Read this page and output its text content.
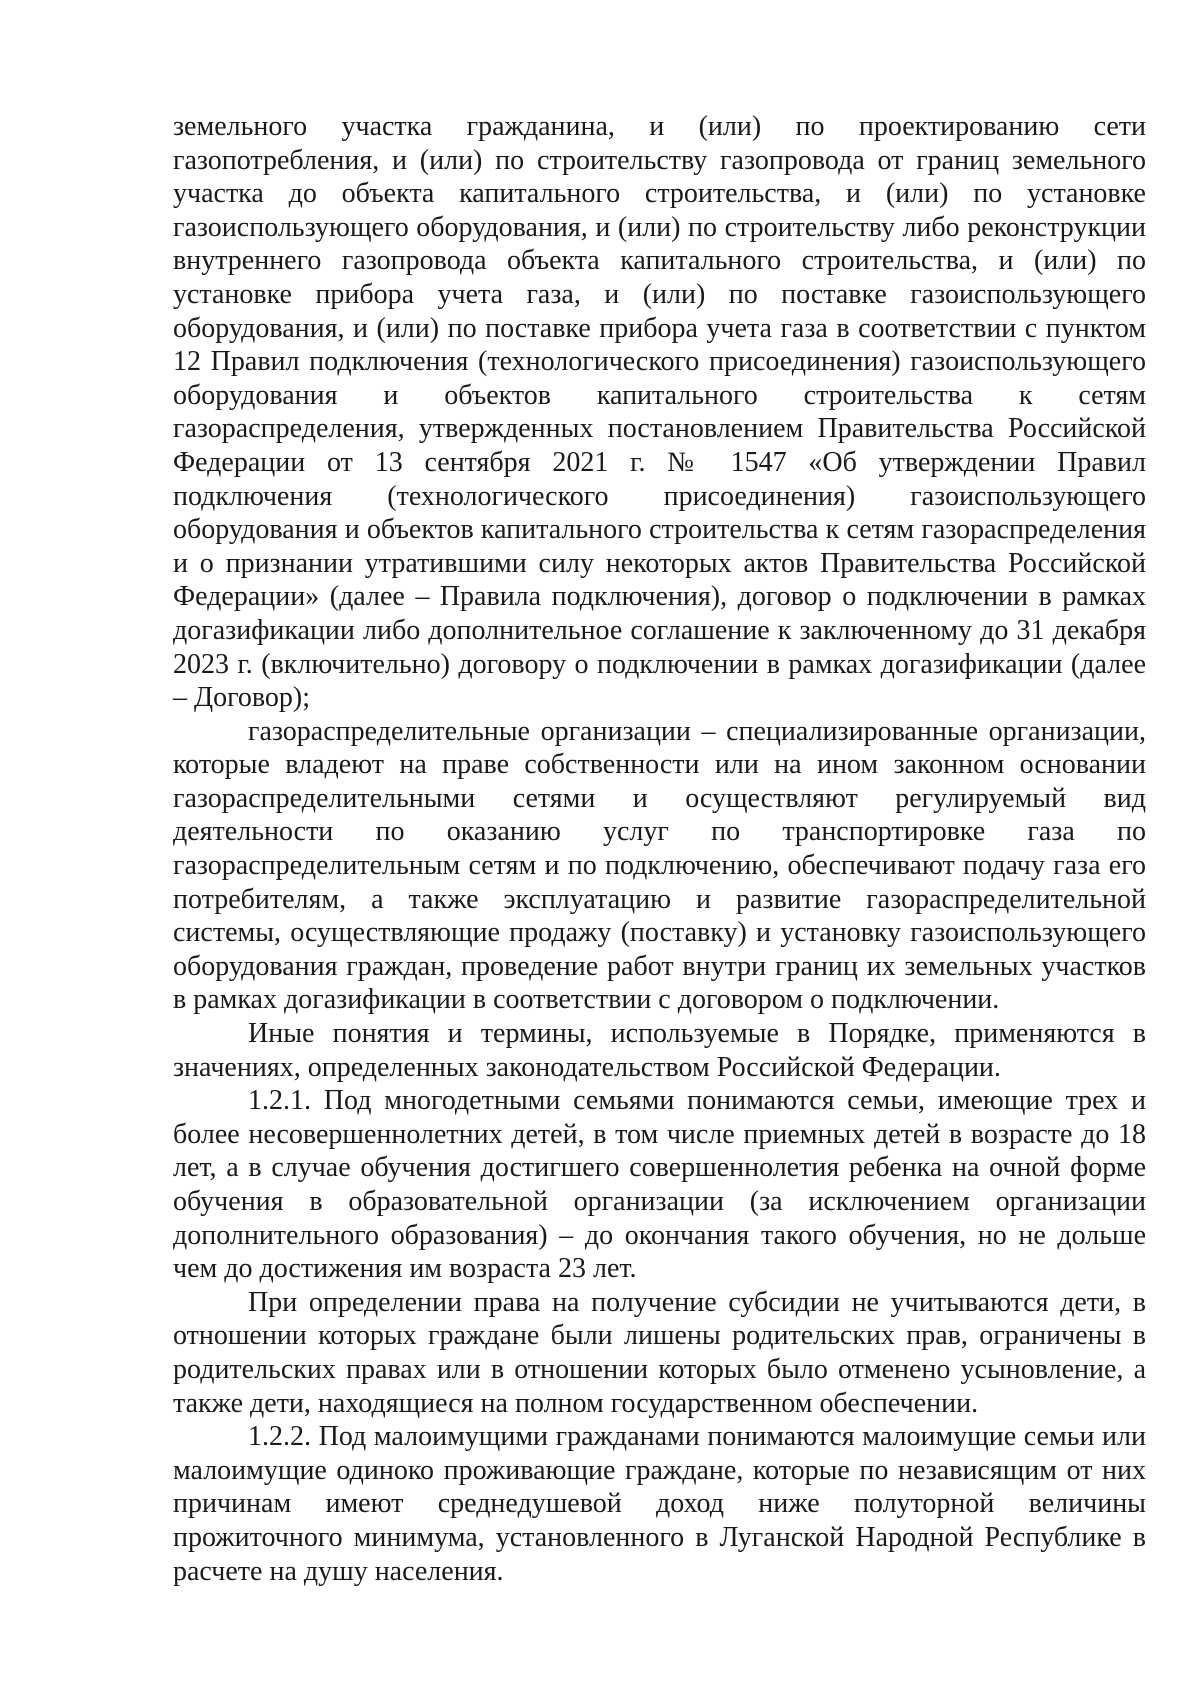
земельного участка гражданина, и (или) по проектированию сети газопотребления, и (или) по строительству газопровода от границ земельного участка до объекта капитального строительства, и (или) по установке газоиспользующего оборудования, и (или) по строительству либо реконструкции внутреннего газопровода объекта капитального строительства, и (или) по установке прибора учета газа, и (или) по поставке газоиспользующего оборудования, и (или) по поставке прибора учета газа в соответствии с пунктом 12 Правил подключения (технологического присоединения) газоиспользующего оборудования и объектов капитального строительства к сетям газораспределения, утвержденных постановлением Правительства Российской Федерации от 13 сентября 2021 г. № 1547 «Об утверждении Правил подключения (технологического присоединения) газоиспользующего оборудования и объектов капитального строительства к сетям газораспределения и о признании утратившими силу некоторых актов Правительства Российской Федерации» (далее – Правила подключения), договор о подключении в рамках догазификации либо дополнительное соглашение к заключенному до 31 декабря 2023 г. (включительно) договору о подключении в рамках догазификации (далее – Договор);

газораспределительные организации – специализированные организации, которые владеют на праве собственности или на ином законном основании газораспределительными сетями и осуществляют регулируемый вид деятельности по оказанию услуг по транспортировке газа по газораспределительным сетям и по подключению, обеспечивают подачу газа его потребителям, а также эксплуатацию и развитие газораспределительной системы, осуществляющие продажу (поставку) и установку газоиспользующего оборудования граждан, проведение работ внутри границ их земельных участков в рамках догазификации в соответствии с договором о подключении.

Иные понятия и термины, используемые в Порядке, применяются в значениях, определенных законодательством Российской Федерации.

1.2.1. Под многодетными семьями понимаются семьи, имеющие трех и более несовершеннолетних детей, в том числе приемных детей в возрасте до 18 лет, а в случае обучения достигшего совершеннолетия ребенка на очной форме обучения в образовательной организации (за исключением организации дополнительного образования) – до окончания такого обучения, но не дольше чем до достижения им возраста 23 лет.

При определении права на получение субсидии не учитываются дети, в отношении которых граждане были лишены родительских прав, ограничены в родительских правах или в отношении которых было отменено усыновление, а также дети, находящиеся на полном государственном обеспечении.

1.2.2. Под малоимущими гражданами понимаются малоимущие семьи или малоимущие одиноко проживающие граждане, которые по независящим от них причинам имеют среднедушевой доход ниже полуторной величины прожиточного минимума, установленного в Луганской Народной Республике в расчете на душу населения.
